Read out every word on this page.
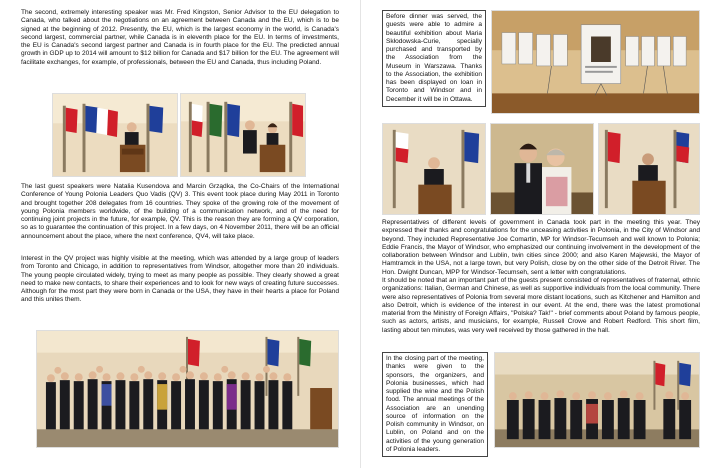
The second, extremely interesting speaker was Mr. Fred Kingston, Senior Advisor to the EU delegation to Canada, who talked about the negotiations on an agreement between Canada and the EU, which is to be signed at the beginning of 2012. Presently, the EU, which is the largest economy in the world, is Canada's second largest, commercial partner, while Canada is in eleventh place for the EU. In terms of investments, the EU is Canada's second largest partner and Canada is in fourth place for the EU. The predicted annual growth in GDP up to 2014 will amount to $12 billion for Canada and $17 billion for the EU. The agreement will facilitate exchanges, for example, of professionals, between the EU and Canada, thus including Poland.
The last guest speakers were Natalia Kusendova and Marcin Grządka, the Co-Chairs of the International Conference of Young Polonia Leaders Quo Vadis (QV) 3. This event took place during May 2011 in Toronto and brought together 208 delegates from 16 countries. They spoke of the growing role of the movement of young Polonia members worldwide, of the building of a communication network, and of the need for continuing joint projects in the future, for example, QV. This is the reason they are forming a QV corporation, so as to guarantee the continuation of this project. In a few days, on 4 November 2011, there will be an official announcement about the place, where the next conference, QV4, will take place.
Interest in the QV project was highly visible at the meeting, which was attended by a large group of leaders from Toronto and Chicago, in addition to representatives from Windsor, altogether more than 20 individuals. The young people circulated widely, trying to meet as many people as possible. They clearly showed a great need to make new contacts, to share their experiences and to look for new ways of creating future successes. Although for the most part they were born in Canada or the USA, they have in their hearts a place for Poland and this unites them.
Before dinner was served, the guests were able to admire a beautiful exhibition about Maria Skłodowska-Curie, specially purchased and transported by the Association from the Museum in Warszawa. Thanks to the Association, the exhibition has been displayed on loan in Toronto and Windsor and in December it will be in Ottawa.
Representatives of different levels of government in Canada took part in the meeting this year. They expressed their thanks and congratulations for the unceasing activities in Polonia, in the City of Windsor and beyond. They included Representative Joe Comartin, MP for Windsor-Tecumseh and well known to Polonia; Eddie Francis, the Mayor of Windsor, who emphasized our continuing involvement in the development of the collaboration between Windsor and Lublin, twin cities since 2000; and also Karen Majewski, the Mayor of Hamtramck in the USA, not a large town, but very Polish, close by on the other side of the Detroit River. The Hon. Dwight Duncan, MPP for Windsor-Tecumseh, sent a letter with congratulations.
It should be noted that an important part of the guests present consisted of representatives of fraternal, ethnic organizations: Italian, German and Chinese, as well as supportive individuals from the local community. There were also representatives of Polonia from several more distant locations, such as Kitchener and Hamilton and also Detroit, which is evidence of the interest in our event. At the end, there was the latest promotional material from the Ministry of Foreign Affairs, "Polska? Tak!" - brief comments about Poland by famous people, such as actors, artists, and musicians, for example, Russell Crowe and Robert Redford. This short film, lasting about ten minutes, was very well received by those gathered in the hall.
In the closing part of the meeting, thanks were given to the sponsors, the organizers, and Polonia businesses, which had supplied the wine and the Polish food. The annual meetings of the Association are an unending source of information on the Polish community in Windsor, on Lublin, on Poland and on the activities of the young generation of Polonia leaders.
